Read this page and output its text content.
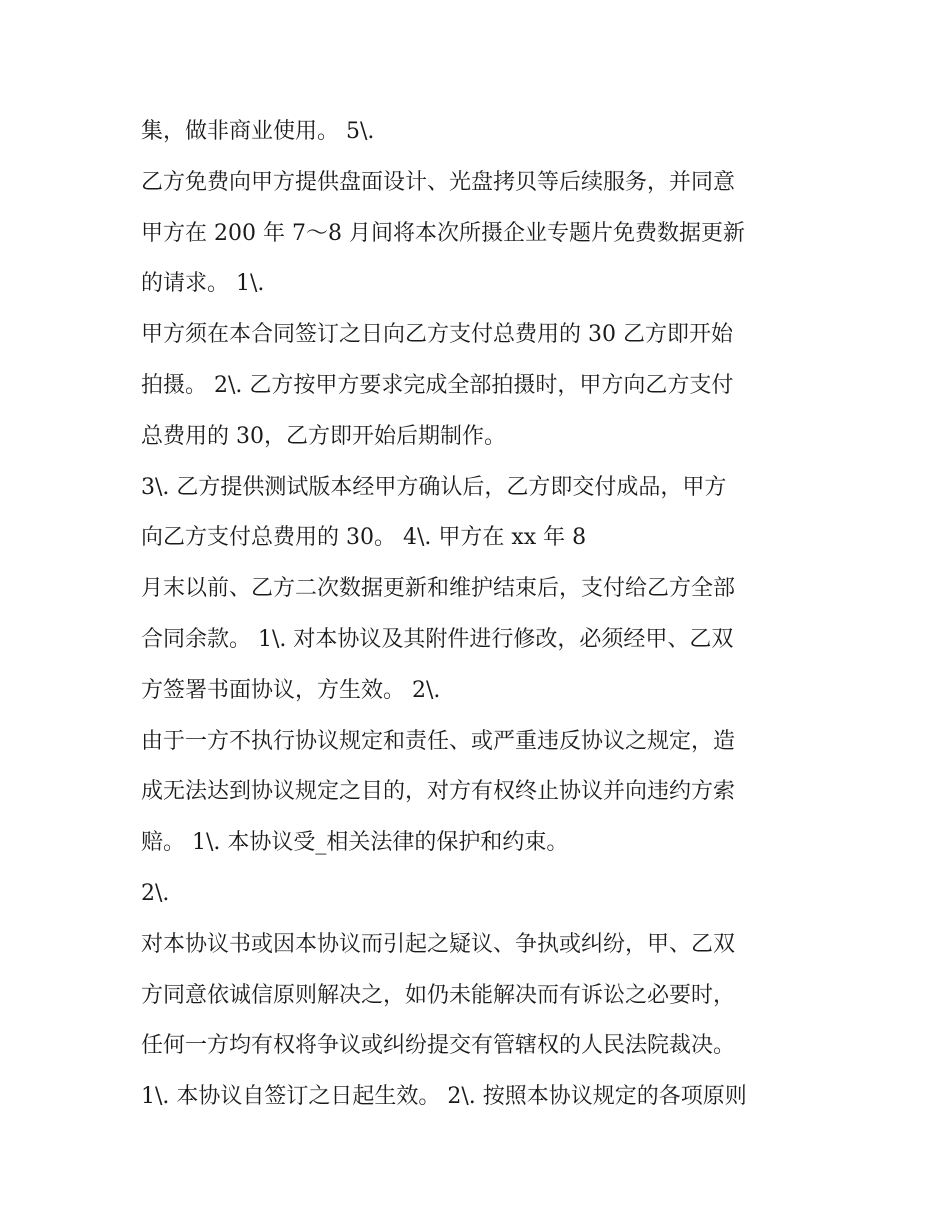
集，做非商业使用。 5\.
乙方免费向甲方提供盘面设计、光盘拷贝等后续服务，并同意
甲方在 200 年 7～8 月间将本次所摄企业专题片免费数据更新
的请求。 1\.
甲方须在本合同签订之日向乙方支付总费用的 30 乙方即开始
拍摄。 2\. 乙方按甲方要求完成全部拍摄时，甲方向乙方支付
总费用的 30，乙方即开始后期制作。
3\. 乙方提供测试版本经甲方确认后，乙方即交付成品，甲方
向乙方支付总费用的 30。 4\. 甲方在 xx 年 8
月末以前、乙方二次数据更新和维护结束后，支付给乙方全部
合同余款。 1\. 对本协议及其附件进行修改，必须经甲、乙双
方签署书面协议，方生效。 2\.
由于一方不执行协议规定和责任、或严重违反协议之规定，造
成无法达到协议规定之目的，对方有权终止协议并向违约方索
赔。 1\. 本协议受_相关法律的保护和约束。
2\.
对本协议书或因本协议而引起之疑议、争执或纠纷，甲、乙双
方同意依诚信原则解决之，如仍未能解决而有诉讼之必要时，
任何一方均有权将争议或纠纷提交有管辖权的人民法院裁决。
1\. 本协议自签订之日起生效。 2\. 按照本协议规定的各项原则
